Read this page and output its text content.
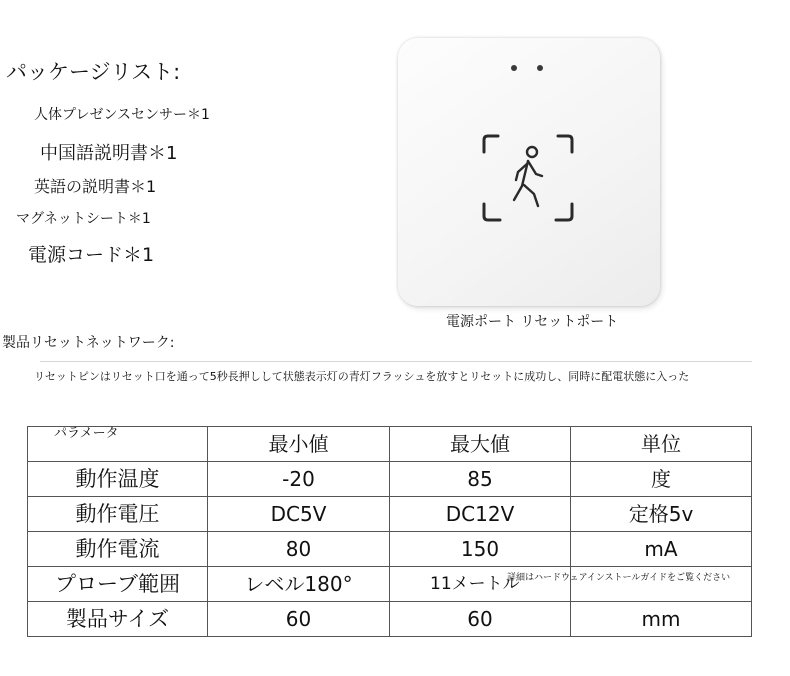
パッケージリスト:
人体プレゼンスセンサー＊1
中国語説明書＊1
英語の説明書＊1
マグネットシート＊1
電源コード＊1
電源ポート リセットポート
製品リセットネットワーク:
リセットピンはリセット口を通って5秒長押しして状態表示灯の青灯フラッシュを放すとリセットに成功し、同時に配電状態に入った
パラメータ	最小値	最大値	単位

動作温度	-20	85	度

動作電圧	DC5V	DC12V	定格5v

動作電流	80	150	mA

プローブ範囲	レベル180°	11メートル	

製品サイズ	60	60	mm
詳細はハードウェアインストールガイドをご覧ください
